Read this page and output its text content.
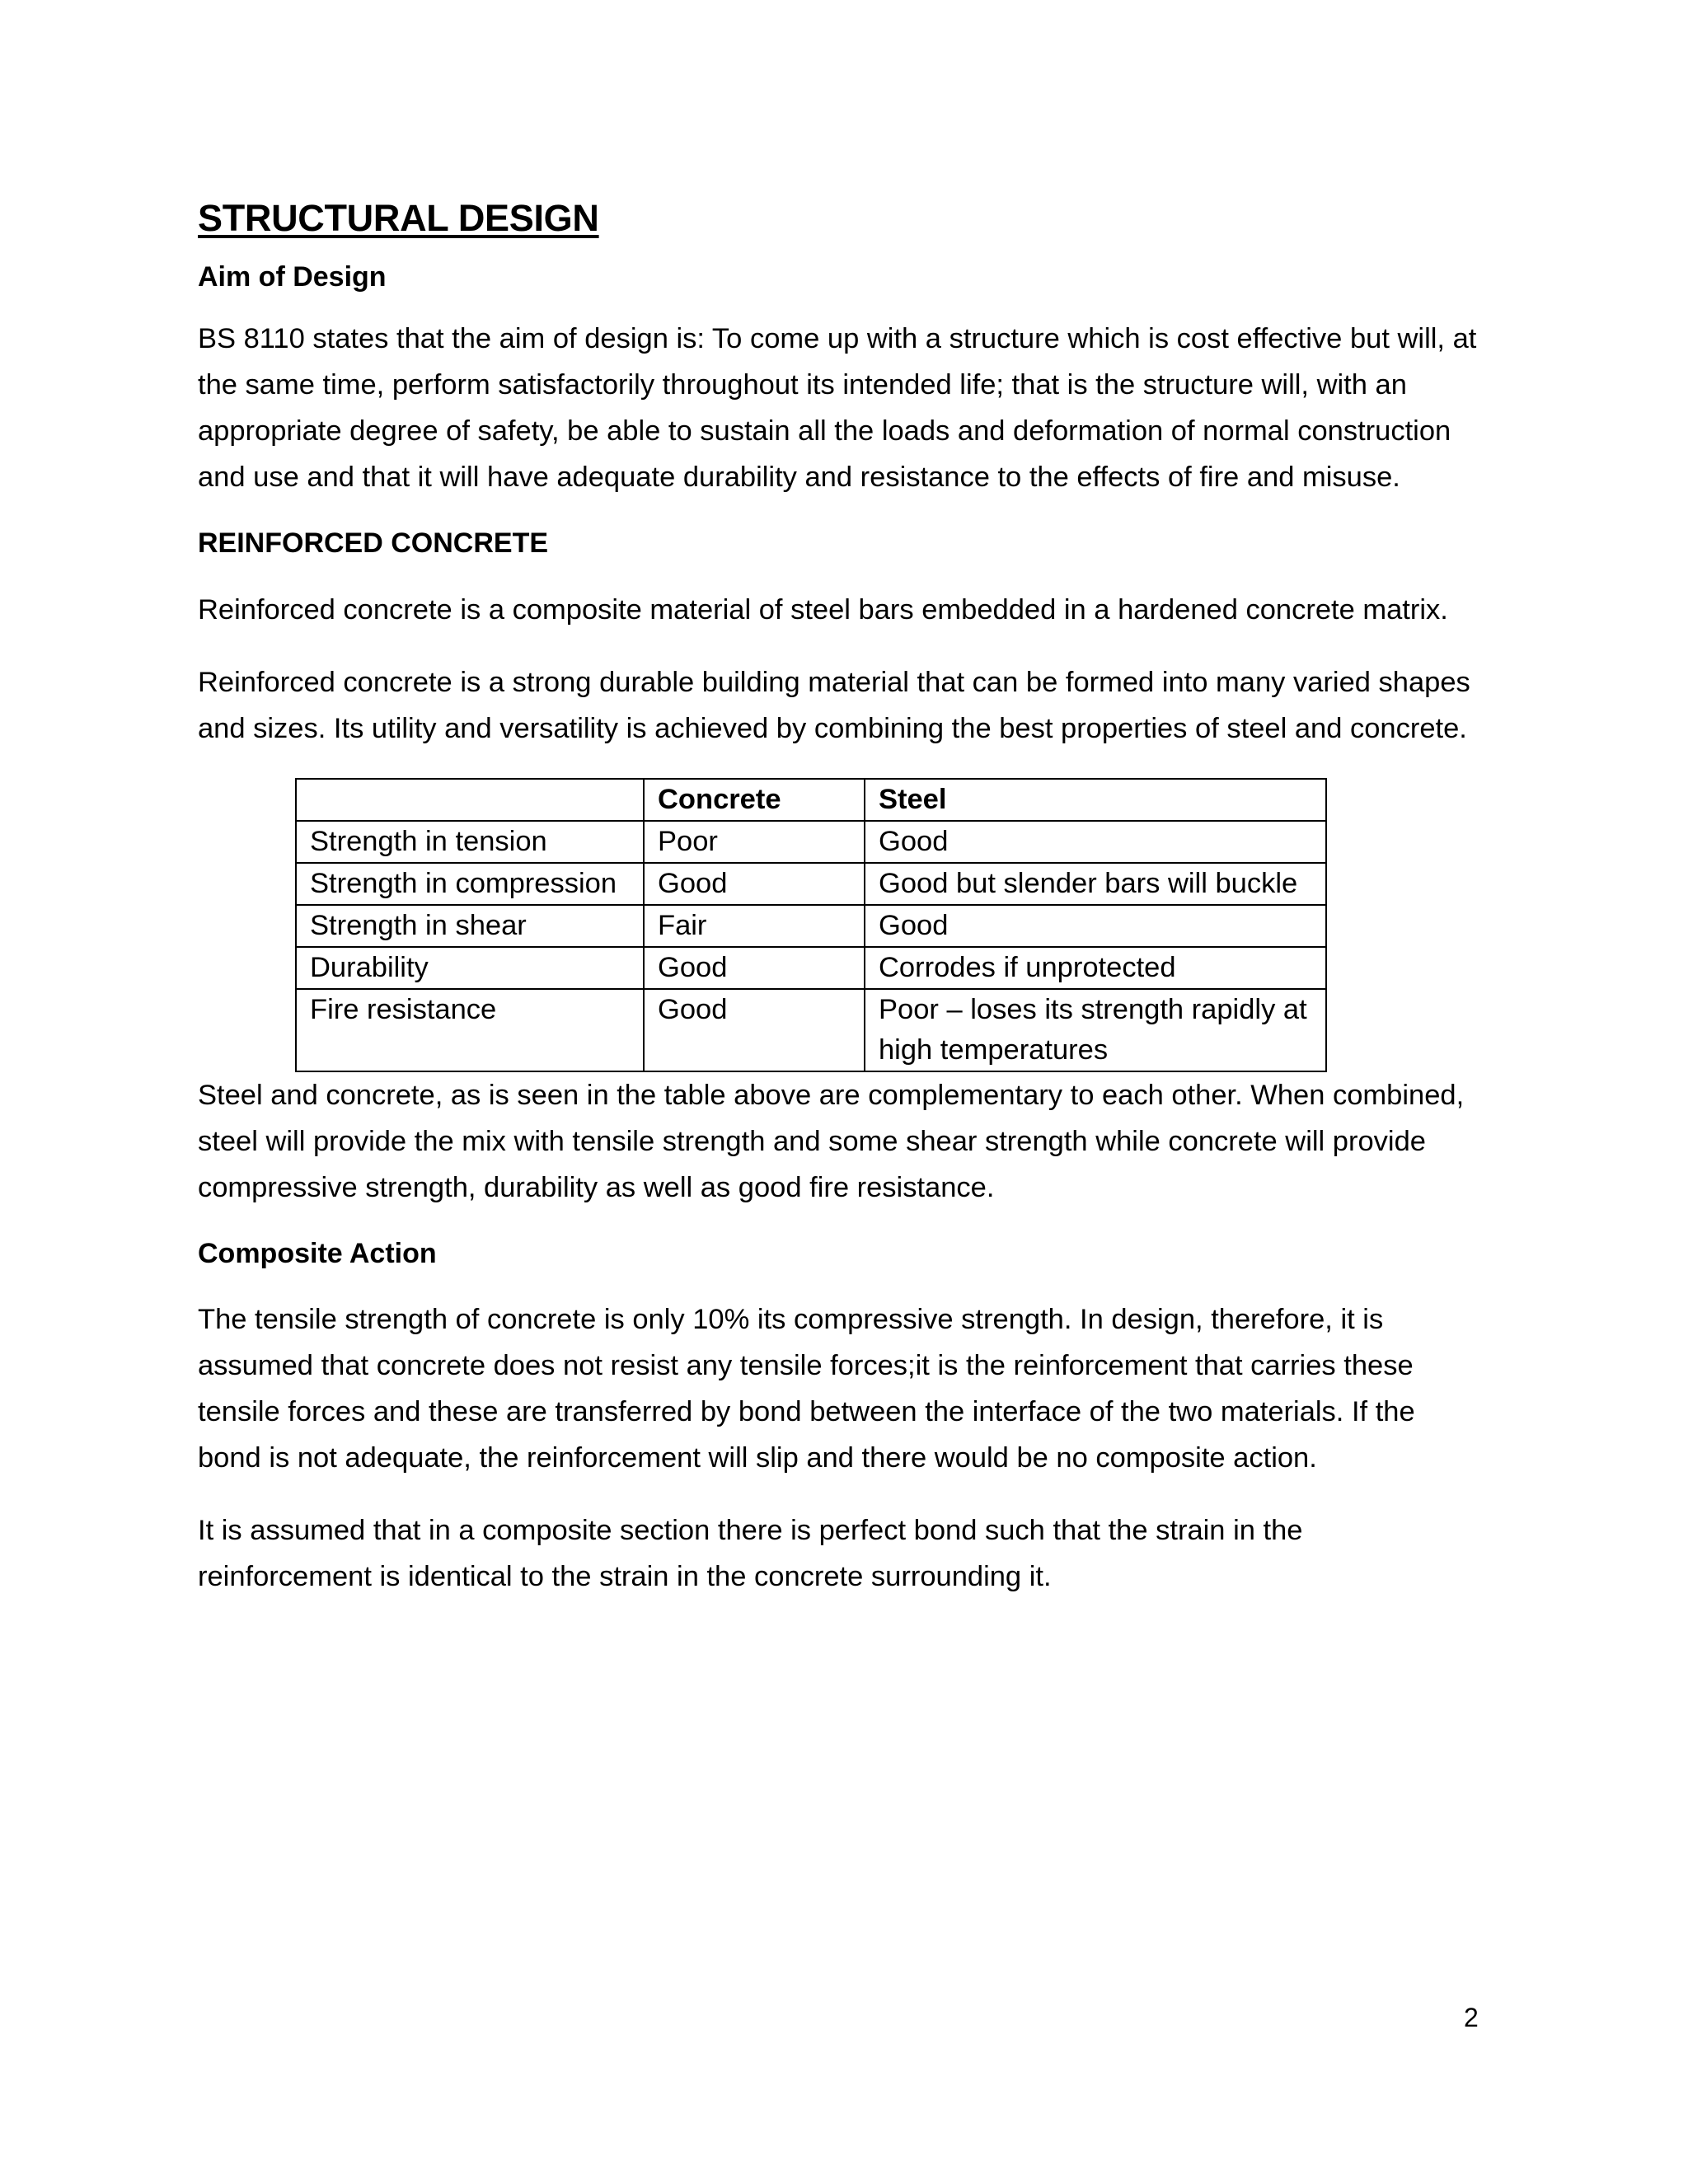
STRUCTURAL DESIGN
Aim of Design

BS 8110 states that the aim of design is: To come up with a structure which is cost effective but will, at the same time, perform satisfactorily throughout its intended life; that is the structure will, with an appropriate degree of safety, be able to sustain all the loads and deformation of normal construction and use and that it will have adequate durability and resistance to the effects of fire and misuse.

REINFORCED CONCRETE

Reinforced concrete is a composite material of steel bars embedded in a hardened concrete matrix.

Reinforced concrete is a strong durable building material that can be formed into many varied shapes and sizes. Its utility and versatility is achieved by combining the best properties of steel and concrete.

	Concrete	Steel
Strength in tension	Poor	Good
Strength in compression	Good	Good but slender bars will buckle
Strength in shear	Fair	Good
Durability	Good	Corrodes if unprotected
Fire resistance	Good	Poor – loses its strength rapidly at high temperatures

Steel and concrete, as is seen in the table above are complementary to each other. When combined, steel will provide the mix with tensile strength and some shear strength while concrete will provide compressive strength, durability as well as good fire resistance.

Composite Action

The tensile strength of concrete is only 10% its compressive strength. In design, therefore, it is assumed that concrete does not resist any tensile forces;it is the reinforcement that carries these tensile forces and these are transferred by bond between the interface of the two materials. If the bond is not adequate, the reinforcement will slip and there would be no composite action.

It is assumed that in a composite section there is perfect bond such that the strain in the reinforcement is identical to the strain in the concrete surrounding it.

2
